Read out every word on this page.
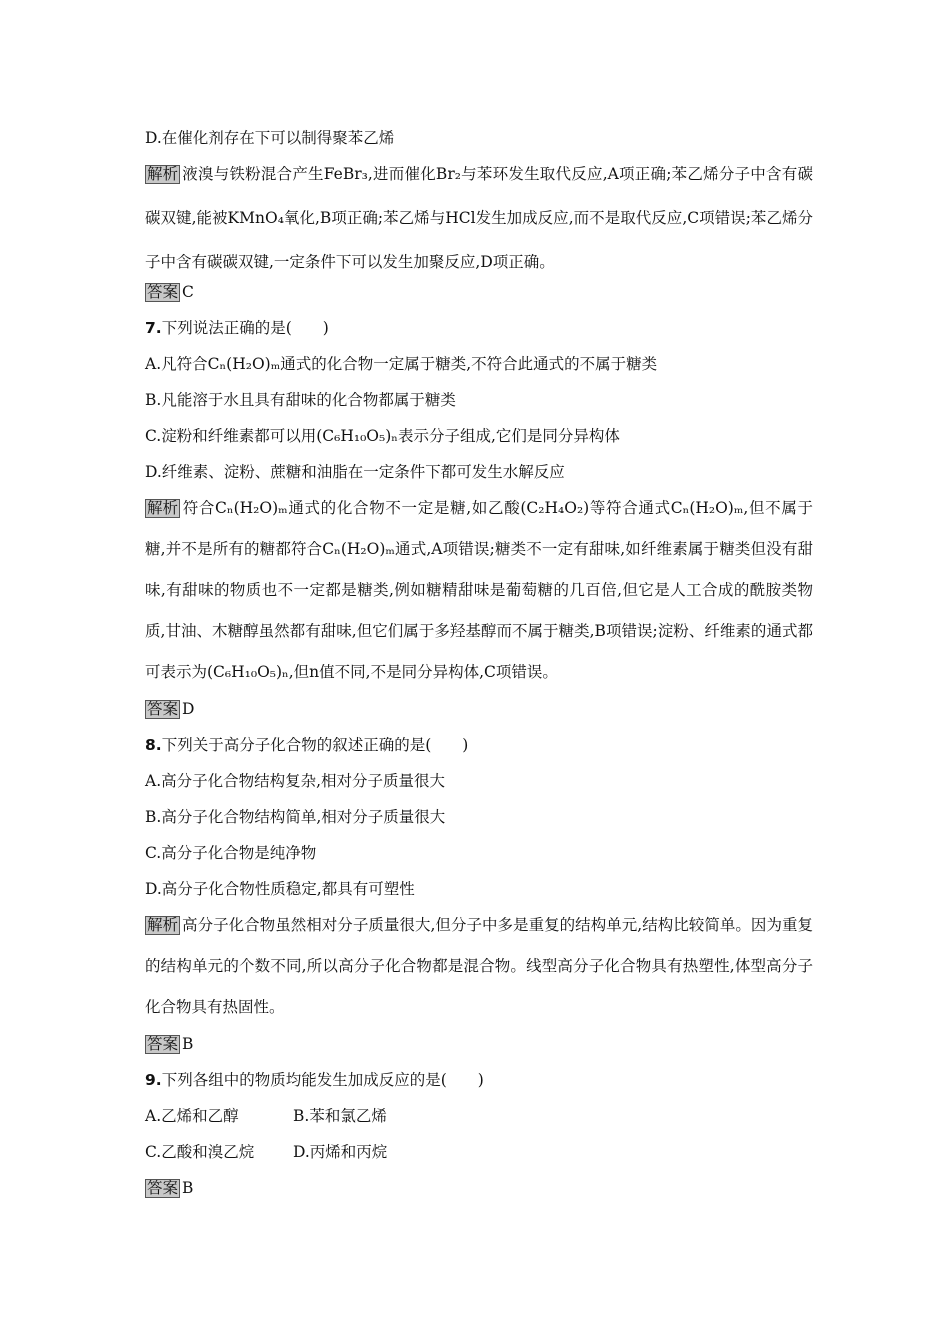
D.在催化剂存在下可以制得聚苯乙烯
解析 液溴与铁粉混合产生FeBr₃,进而催化Br₂与苯环发生取代反应,A项正确;苯乙烯分子中含有碳碳双键,能被KMnO₄氧化,B项正确;苯乙烯与HCl发生加成反应,而不是取代反应,C项错误;苯乙烯分子中含有碳碳双键,一定条件下可以发生加聚反应,D项正确。
答案 C
7.下列说法正确的是(　　)
A.凡符合Cₙ(H₂O)ₘ通式的化合物一定属于糖类,不符合此通式的不属于糖类
B.凡能溶于水且具有甜味的化合物都属于糖类
C.淀粉和纤维素都可以用(C₆H₁₀O₅)ₙ表示分子组成,它们是同分异构体
D.纤维素、淀粉、蔗糖和油脂在一定条件下都可发生水解反应
解析 符合Cₙ(H₂O)ₘ通式的化合物不一定是糖,如乙酸(C₂H₄O₂)等符合通式Cₙ(H₂O)ₘ,但不属于糖,并不是所有的糖都符合Cₙ(H₂O)ₘ通式,A项错误;糖类不一定有甜味,如纤维素属于糖类但没有甜味,有甜味的物质也不一定都是糖类,例如糖精甜味是葡萄糖的几百倍,但它是人工合成的酰胺类物质,甘油、木糖醇虽然都有甜味,但它们属于多羟基醇而不属于糖类,B项错误;淀粉、纤维素的通式都可表示为(C₆H₁₀O₅)ₙ,但n值不同,不是同分异构体,C项错误。
答案 D
8.下列关于高分子化合物的叙述正确的是(　　)
A.高分子化合物结构复杂,相对分子质量很大
B.高分子化合物结构简单,相对分子质量很大
C.高分子化合物是纯净物
D.高分子化合物性质稳定,都具有可塑性
解析 高分子化合物虽然相对分子质量很大,但分子中多是重复的结构单元,结构比较简单。因为重复的结构单元的个数不同,所以高分子化合物都是混合物。线型高分子化合物具有热塑性,体型高分子化合物具有热固性。
答案 B
9.下列各组中的物质均能发生加成反应的是(　　)
A.乙烯和乙醇	B.苯和氯乙烯
C.乙酸和溴乙烷	D.丙烯和丙烷
答案 B
